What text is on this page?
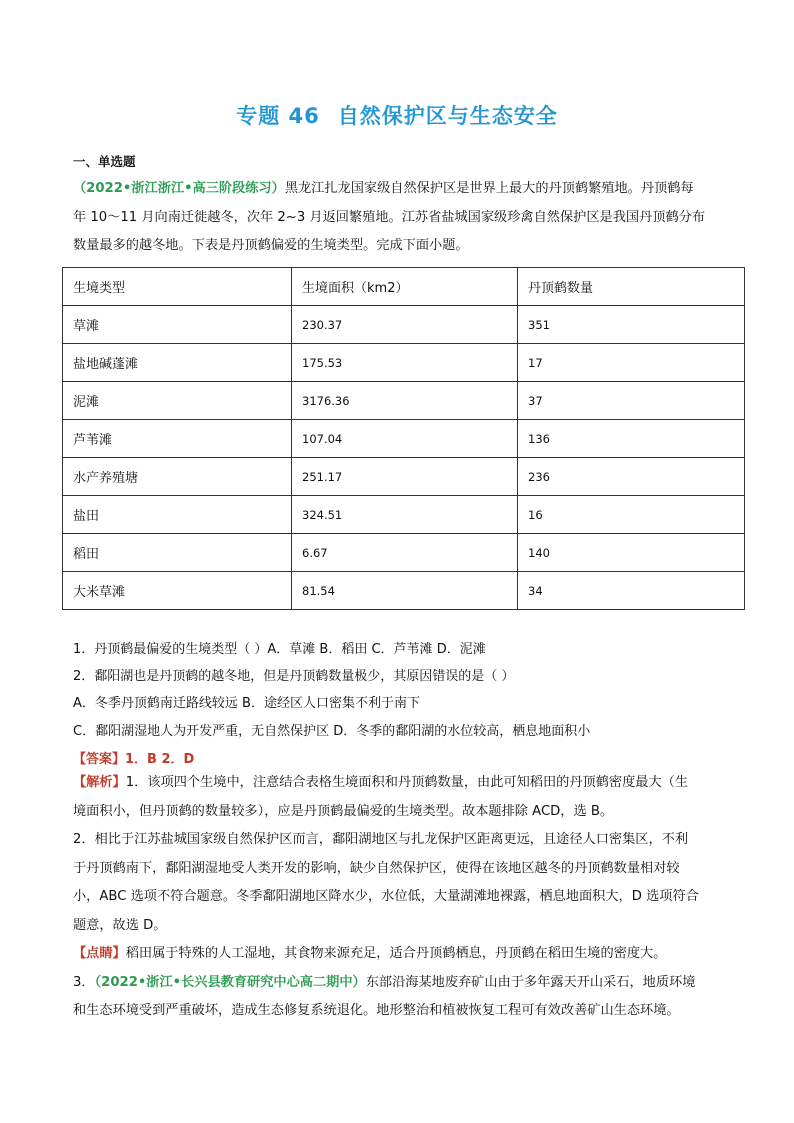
专题 46 自然保护区与生态安全
一、单选题
（2022•浙江浙江•高三阶段练习）黑龙江扎龙国家级自然保护区是世界上最大的丹顶鹤繁殖地。丹顶鹤每
年 10～11 月向南迁徙越冬，次年 2~3 月返回繁殖地。江苏省盐城国家级珍禽自然保护区是我国丹顶鹤分布
数量最多的越冬地。下表是丹顶鹤偏爱的生境类型。完成下面小题。
生境类型	生境面积（km2）	丹顶鹤数量
草滩	230.37	351
盐地碱蓬滩	175.53	17
泥滩	3176.36	37
芦苇滩	107.04	136
水产养殖塘	251.17	236
盐田	324.51	16
稻田	6.67	140
大米草滩	81.54	34
1．丹顶鹤最偏爱的生境类型（ ）A．草滩 B．稻田 C．芦苇滩 D．泥滩
2．鄱阳湖也是丹顶鹤的越冬地，但是丹顶鹤数量极少，其原因错误的是（ ）
A．冬季丹顶鹤南迁路线较远 B．途经区人口密集不利于南下
C．鄱阳湖湿地人为开发严重，无自然保护区 D．冬季的鄱阳湖的水位较高，栖息地面积小
【答案】1．B 2．D
【解析】1．该项四个生境中，注意结合表格生境面积和丹顶鹤数量，由此可知稻田的丹顶鹤密度最大（生
境面积小，但丹顶鹤的数量较多），应是丹顶鹤最偏爱的生境类型。故本题排除 ACD，选 B。
2．相比于江苏盐城国家级自然保护区而言，鄱阳湖地区与扎龙保护区距离更远，且途径人口密集区，不利
于丹顶鹤南下，鄱阳湖湿地受人类开发的影响，缺少自然保护区，使得在该地区越冬的丹顶鹤数量相对较
小，ABC 选项不符合题意。冬季鄱阳湖地区降水少，水位低，大量湖滩地裸露，栖息地面积大，D 选项符合
题意，故选 D。
【点睛】稻田属于特殊的人工湿地，其食物来源充足，适合丹顶鹤栖息，丹顶鹤在稻田生境的密度大。
3．（2022•浙江•长兴县教育研究中心高二期中）东部沿海某地废弃矿山由于多年露天开山采石，地质环境
和生态环境受到严重破坏，造成生态修复系统退化。地形整治和植被恢复工程可有效改善矿山生态环境。
